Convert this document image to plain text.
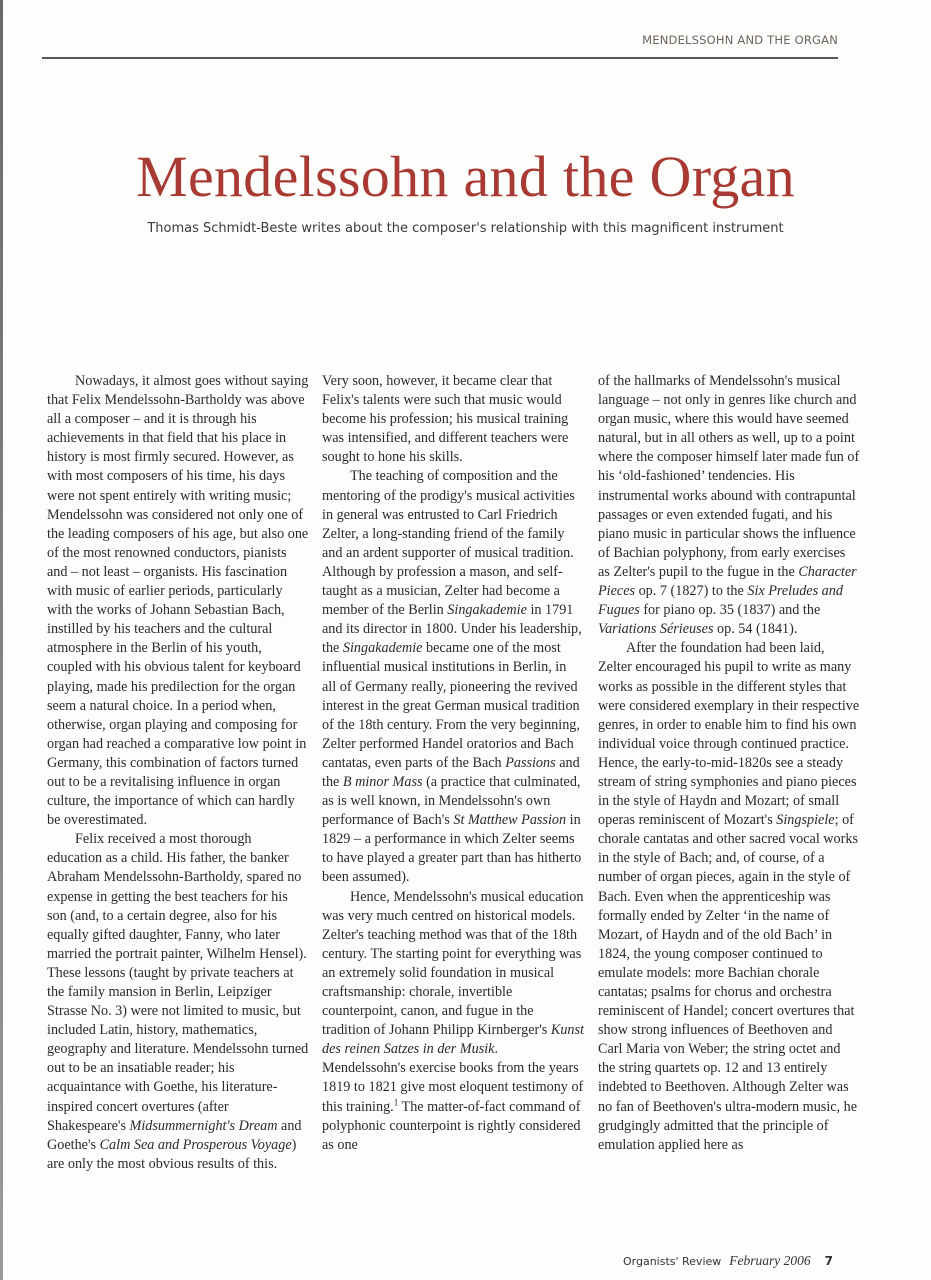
MENDELSSOHN AND THE ORGAN
Mendelssohn and the Organ
Thomas Schmidt-Beste writes about the composer's relationship with this magnificent instrument

Nowadays, it almost goes without saying that Felix Mendelssohn-Bartholdy was above all a composer – and it is through his achievements in that field that his place in history is most firmly secured. However, as with most composers of his time, his days were not spent entirely with writing music; Mendelssohn was considered not only one of the leading composers of his age, but also one of the most renowned conductors, pianists and – not least – organists. His fascination with music of earlier periods, particularly with the works of Johann Sebastian Bach, instilled by his teachers and the cultural atmosphere in the Berlin of his youth, coupled with his obvious talent for keyboard playing, made his predilection for the organ seem a natural choice. In a period when, otherwise, organ playing and composing for organ had reached a comparative low point in Germany, this combination of factors turned out to be a revitalising influence in organ culture, the importance of which can hardly be overestimated.

Felix received a most thorough education as a child. His father, the banker Abraham Mendelssohn-Bartholdy, spared no expense in getting the best teachers for his son (and, to a certain degree, also for his equally gifted daughter, Fanny, who later married the portrait painter, Wilhelm Hensel). These lessons (taught by private teachers at the family mansion in Berlin, Leipziger Strasse No. 3) were not limited to music, but included Latin, history, mathematics, geography and literature. Mendelssohn turned out to be an insatiable reader; his acquaintance with Goethe, his literature-inspired concert overtures (after Shakespeare's Midsummernight's Dream and Goethe's Calm Sea and Prosperous Voyage) are only the most obvious results of this.

Very soon, however, it became clear that Felix's talents were such that music would become his profession; his musical training was intensified, and different teachers were sought to hone his skills.

The teaching of composition and the mentoring of the prodigy's musical activities in general was entrusted to Carl Friedrich Zelter, a long-standing friend of the family and an ardent supporter of musical tradition. Although by profession a mason, and self-taught as a musician, Zelter had become a member of the Berlin Singakademie in 1791 and its director in 1800. Under his leadership, the Singakademie became one of the most influential musical institutions in Berlin, in all of Germany really, pioneering the revived interest in the great German musical tradition of the 18th century. From the very beginning, Zelter performed Handel oratorios and Bach cantatas, even parts of the Bach Passions and the B minor Mass (a practice that culminated, as is well known, in Mendelssohn's own performance of Bach's St Matthew Passion in 1829 – a performance in which Zelter seems to have played a greater part than has hitherto been assumed).

Hence, Mendelssohn's musical education was very much centred on historical models. Zelter's teaching method was that of the 18th century. The starting point for everything was an extremely solid foundation in musical craftsmanship: chorale, invertible counterpoint, canon, and fugue in the tradition of Johann Philipp Kirnberger's Kunst des reinen Satzes in der Musik. Mendelssohn's exercise books from the years 1819 to 1821 give most eloquent testimony of this training.$^1$ The matter-of-fact command of polyphonic counterpoint is rightly considered as one

of the hallmarks of Mendelssohn's musical language – not only in genres like church and organ music, where this would have seemed natural, but in all others as well, up to a point where the composer himself later made fun of his ‘old-fashioned’ tendencies. His instrumental works abound with contrapuntal passages or even extended fugati, and his piano music in particular shows the influence of Bachian polyphony, from early exercises as Zelter's pupil to the fugue in the Character Pieces op. 7 (1827) to the Six Preludes and Fugues for piano op. 35 (1837) and the Variations Sérieuses op. 54 (1841).

After the foundation had been laid, Zelter encouraged his pupil to write as many works as possible in the different styles that were considered exemplary in their respective genres, in order to enable him to find his own individual voice through continued practice. Hence, the early-to-mid-1820s see a steady stream of string symphonies and piano pieces in the style of Haydn and Mozart; of small operas reminiscent of Mozart's Singspiele; of chorale cantatas and other sacred vocal works in the style of Bach; and, of course, of a number of organ pieces, again in the style of Bach. Even when the apprenticeship was formally ended by Zelter ‘in the name of Mozart, of Haydn and of the old Bach’ in 1824, the young composer continued to emulate models: more Bachian chorale cantatas; psalms for chorus and orchestra reminiscent of Handel; concert overtures that show strong influences of Beethoven and Carl Maria von Weber; the string octet and the string quartets op. 12 and 13 entirely indebted to Beethoven. Although Zelter was no fan of Beethoven's ultra-modern music, he grudgingly admitted that the principle of emulation applied here as

Organists' Review February 2006 7
